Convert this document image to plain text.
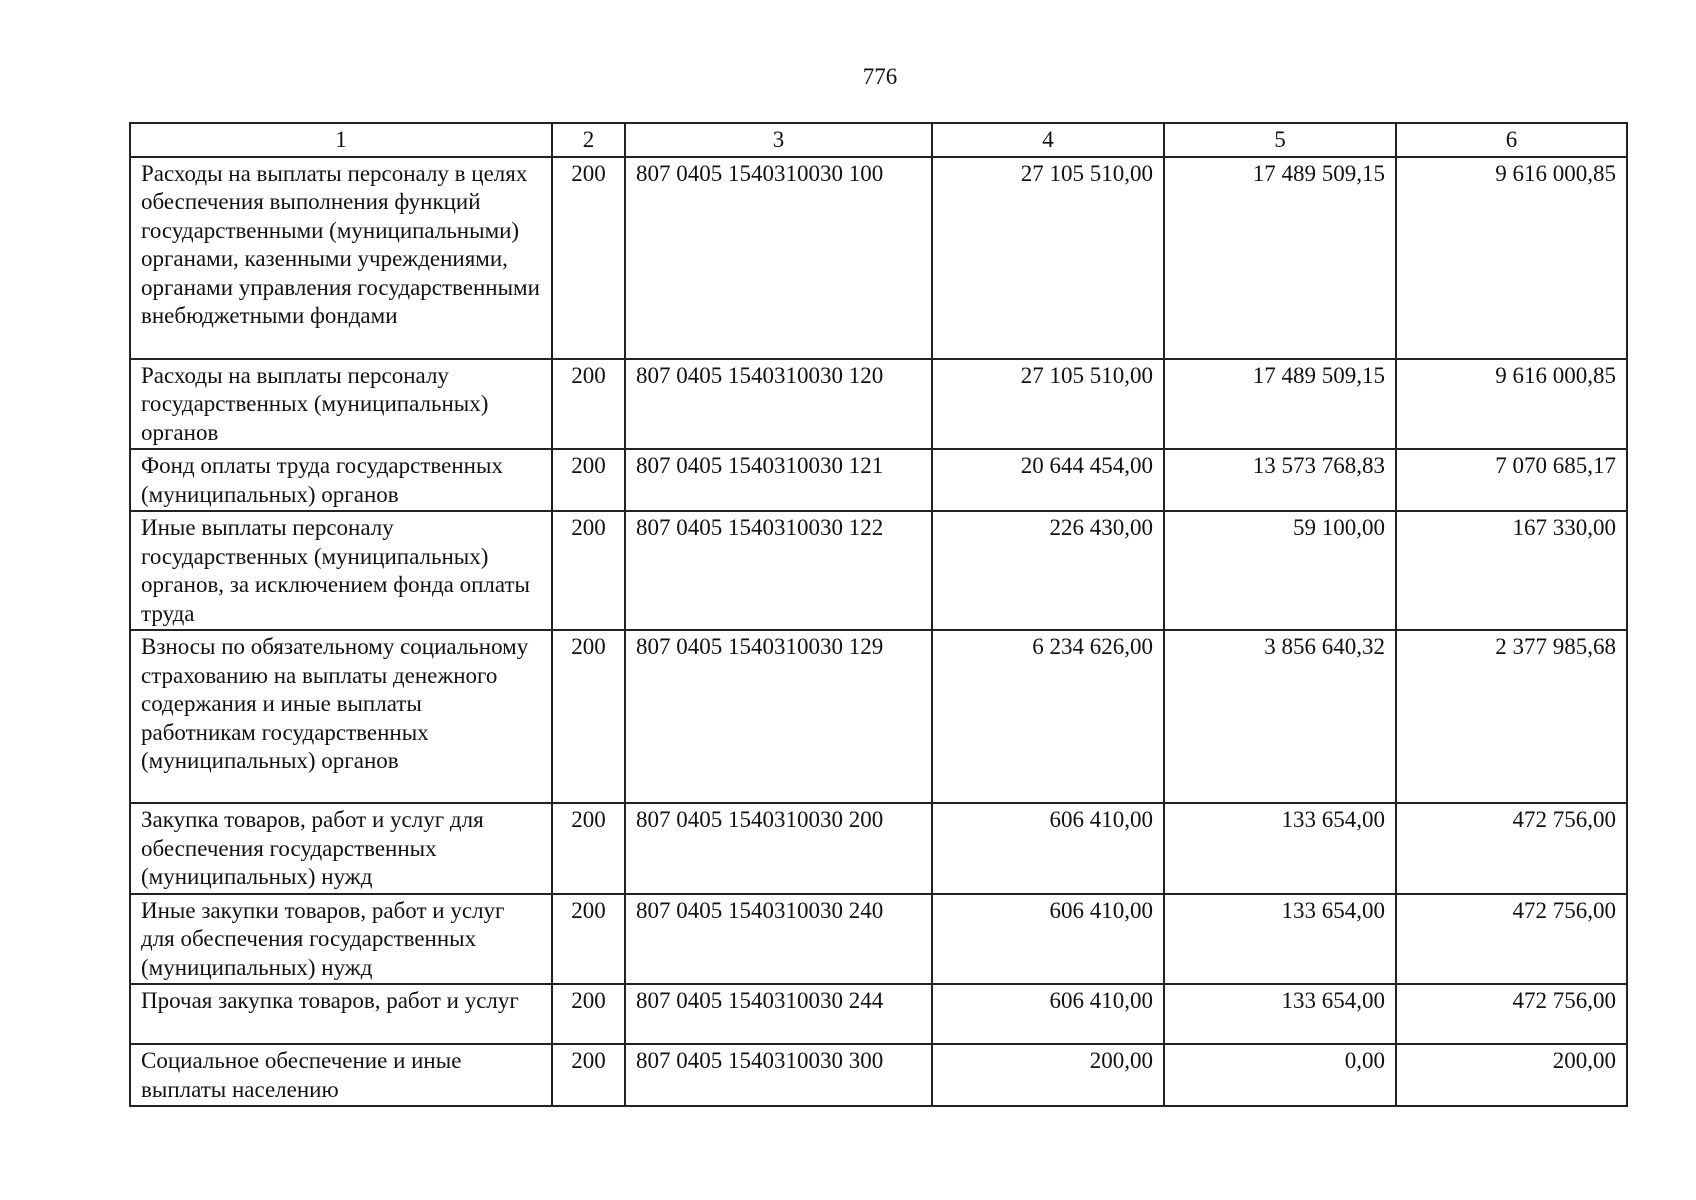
776
1	2	3	4	5	6
Расходы на выплаты персоналу в целях обеспечения выполнения функций государственными (муниципальными) органами, казенными учреждениями, органами управления государственными внебюджетными фондами	200	807 0405 1540310030 100	27 105 510,00	17 489 509,15	9 616 000,85
Расходы на выплаты персоналу государственных (муниципальных) органов	200	807 0405 1540310030 120	27 105 510,00	17 489 509,15	9 616 000,85
Фонд оплаты труда государственных (муниципальных) органов	200	807 0405 1540310030 121	20 644 454,00	13 573 768,83	7 070 685,17
Иные выплаты персоналу государственных (муниципальных) органов, за исключением фонда оплаты труда	200	807 0405 1540310030 122	226 430,00	59 100,00	167 330,00
Взносы по обязательному социальному страхованию на выплаты денежного содержания и иные выплаты работникам государственных (муниципальных) органов	200	807 0405 1540310030 129	6 234 626,00	3 856 640,32	2 377 985,68
Закупка товаров, работ и услуг для обеспечения государственных (муниципальных) нужд	200	807 0405 1540310030 200	606 410,00	133 654,00	472 756,00
Иные закупки товаров, работ и услуг для обеспечения государственных (муниципальных) нужд	200	807 0405 1540310030 240	606 410,00	133 654,00	472 756,00
Прочая закупка товаров, работ и услуг	200	807 0405 1540310030 244	606 410,00	133 654,00	472 756,00
Социальное обеспечение и иные выплаты населению	200	807 0405 1540310030 300	200,00	0,00	200,00
